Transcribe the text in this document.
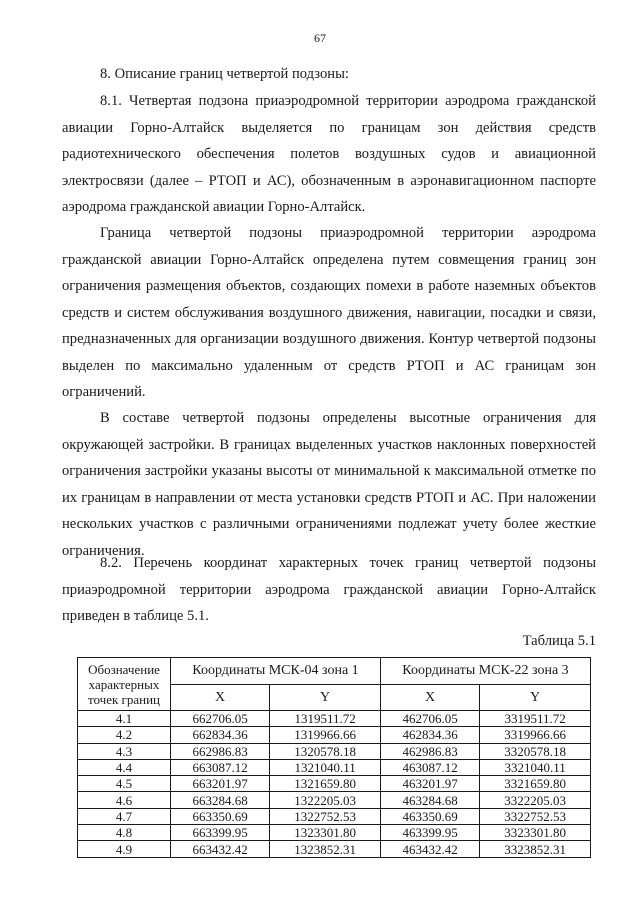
67

8. Описание границ четвертой подзоны:

8.1. Четвертая подзона приаэродромной территории аэродрома гражданской авиации Горно-Алтайск выделяется по границам зон действия средств радиотехнического обеспечения полетов воздушных судов и авиационной электросвязи (далее – РТОП и АС), обозначенным в аэронавигационном паспорте аэродрома гражданской авиации Горно-Алтайск.

Граница четвертой подзоны приаэродромной территории аэродрома гражданской авиации Горно-Алтайск определена путем совмещения границ зон ограничения размещения объектов, создающих помехи в работе наземных объектов средств и систем обслуживания воздушного движения, навигации, посадки и связи, предназначенных для организации воздушного движения. Контур четвертой подзоны выделен по максимально удаленным от средств РТОП и АС границам зон ограничений.

В составе четвертой подзоны определены высотные ограничения для окружающей застройки. В границах выделенных участков наклонных поверхностей ограничения застройки указаны высоты от минимальной к максимальной отметке по их границам в направлении от места установки средств РТОП и АС. При наложении нескольких участков с различными ограничениями подлежат учету более жесткие ограничения.

8.2. Перечень координат характерных точек границ четвертой подзоны приаэродромной территории аэродрома гражданской авиации Горно-Алтайск приведен в таблице 5.1.

Таблица 5.1
Обозначение характерных точек границ	Координаты МСК-04 зона 1		Координаты МСК-22 зона 3	
	X	Y	X	Y
4.1	662706.05	1319511.72	462706.05	3319511.72
4.2	662834.36	1319966.66	462834.36	3319966.66
4.3	662986.83	1320578.18	462986.83	3320578.18
4.4	663087.12	1321040.11	463087.12	3321040.11
4.5	663201.97	1321659.80	463201.97	3321659.80
4.6	663284.68	1322205.03	463284.68	3322205.03
4.7	663350.69	1322752.53	463350.69	3322752.53
4.8	663399.95	1323301.80	463399.95	3323301.80
4.9	663432.42	1323852.31	463432.42	3323852.31
